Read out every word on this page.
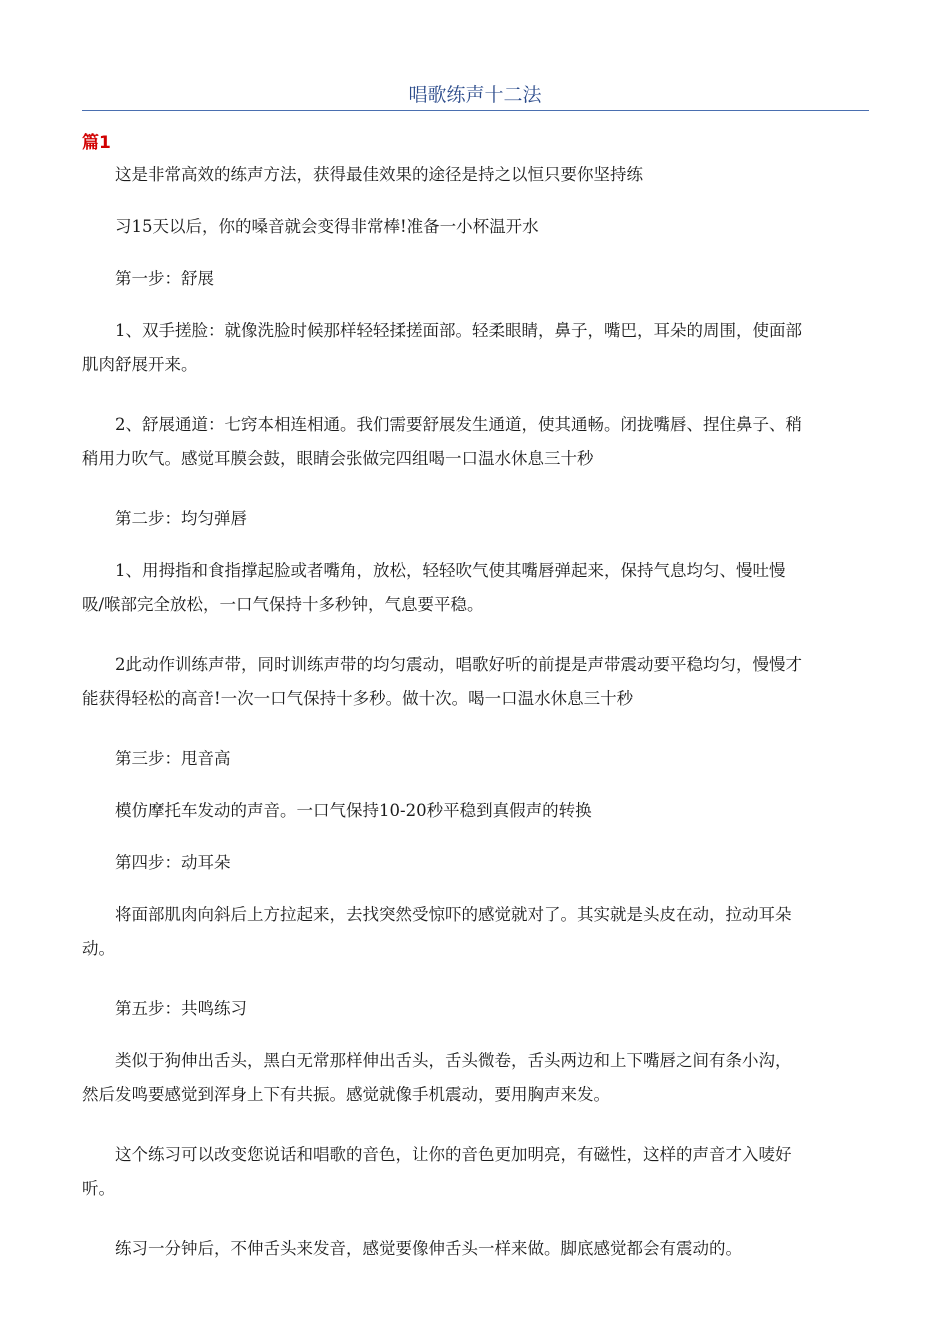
唱歌练声十二法
篇1
这是非常高效的练声方法，获得最佳效果的途径是持之以恒只要你坚持练
习15天以后，你的嗓音就会变得非常棒!准备一小杯温开水
第一步：舒展
1、双手搓脸：就像洗脸时候那样轻轻揉搓面部。轻柔眼睛，鼻子，嘴巴，耳朵的周围，使面部
肌肉舒展开来。
2、舒展通道：七窍本相连相通。我们需要舒展发生通道，使其通畅。闭拢嘴唇、捏住鼻子、稍
稍用力吹气。感觉耳膜会鼓，眼睛会张做完四组喝一口温水休息三十秒
第二步：均匀弹唇
1、用拇指和食指撑起脸或者嘴角，放松，轻轻吹气使其嘴唇弹起来，保持气息均匀、慢吐慢
吸/喉部完全放松，一口气保持十多秒钟，气息要平稳。
2此动作训练声带，同时训练声带的均匀震动，唱歌好听的前提是声带震动要平稳均匀，慢慢才
能获得轻松的高音!一次一口气保持十多秒。做十次。喝一口温水休息三十秒
第三步：甩音高
模仿摩托车发动的声音。一口气保持10-20秒平稳到真假声的转换
第四步：动耳朵
将面部肌肉向斜后上方拉起来，去找突然受惊吓的感觉就对了。其实就是头皮在动，拉动耳朵
动。
第五步：共鸣练习
类似于狗伸出舌头，黑白无常那样伸出舌头，舌头微卷，舌头两边和上下嘴唇之间有条小沟，
然后发鸣要感觉到浑身上下有共振。感觉就像手机震动，要用胸声来发。
这个练习可以改变您说话和唱歌的音色，让你的音色更加明亮，有磁性，这样的声音才入唛好
听。
练习一分钟后，不伸舌头来发音，感觉要像伸舌头一样来做。脚底感觉都会有震动的。
